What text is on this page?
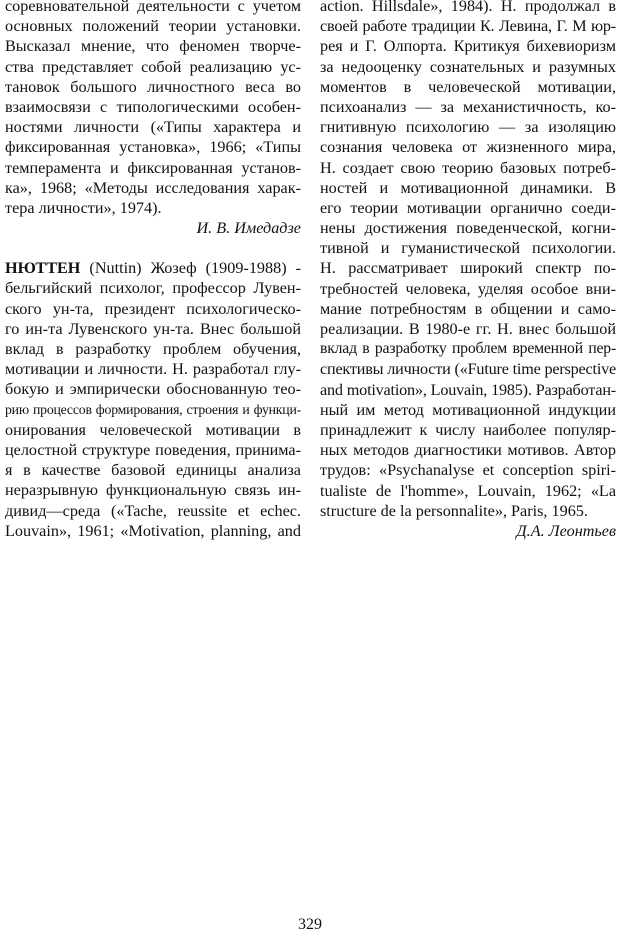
соревновательной деятельности с учетом
основных положений теории установки.
Высказал мнение, что феномен творче-
ства представляет собой реализацию ус-
тановок большого личностного веса во
взаимосвязи с типологическими особен-
ностями личности («Типы характера и
фиксированная установка», 1966; «Типы
темперамента и фиксированная установ-
ка», 1968; «Методы исследования харак-
тера личности», 1974).
И. В. Имедадзе
НЮТТЕН (Nuttin) Жозеф (1909-1988) -
бельгийский психолог, профессор Лувен-
ского ун-та, президент психологическо-
го ин-та Лувенского ун-та. Внес большой
вклад в разработку проблем обучения,
мотивации и личности. Н. разработал глу-
бокую и эмпирически обоснованную тео-
рию процессов формирования, строения и функци-
онирования человеческой мотивации в
целостной структуре поведения, принима-
я в качестве базовой единицы анализа
неразрывную функциональную связь ин-
дивид—среда («Tache, reussite et echec.
Louvain», 1961; «Motivation, planning, and
action. Hillsdale», 1984). Н. продолжал в
своей работе традиции К. Левина, Г. М юр-
рея и Г. Олпорта. Критикуя бихевиоризм
за недооценку сознательных и разумных
моментов в человеческой мотивации,
психоанализ — за механистичность, ко-
гнитивную психологию — за изоляцию
сознания человека от жизненного мира,
Н. создает свою теорию базовых потреб-
ностей и мотивационной динамики. В
его теории мотивации органично соеди-
нены достижения поведенческой, когни-
тивной и гуманистической психологии.
Н. рассматривает широкий спектр по-
требностей человека, уделяя особое вни-
мание потребностям в общении и само-
реализации. В 1980-е гг. Н. внес большой
вклад в разработку проблем временной пер-
спективы личности («Future time perspective
and motivation», Louvain, 1985). Разработан-
ный им метод мотивационной индукции
принадлежит к числу наиболее популяр-
ных методов диагностики мотивов. Автор
трудов: «Psychanalyse et conception spiri-
tualiste de l'homme», Louvain, 1962; «La
structure de la personnalite», Paris, 1965.
Д.А. Леонтьев
329
